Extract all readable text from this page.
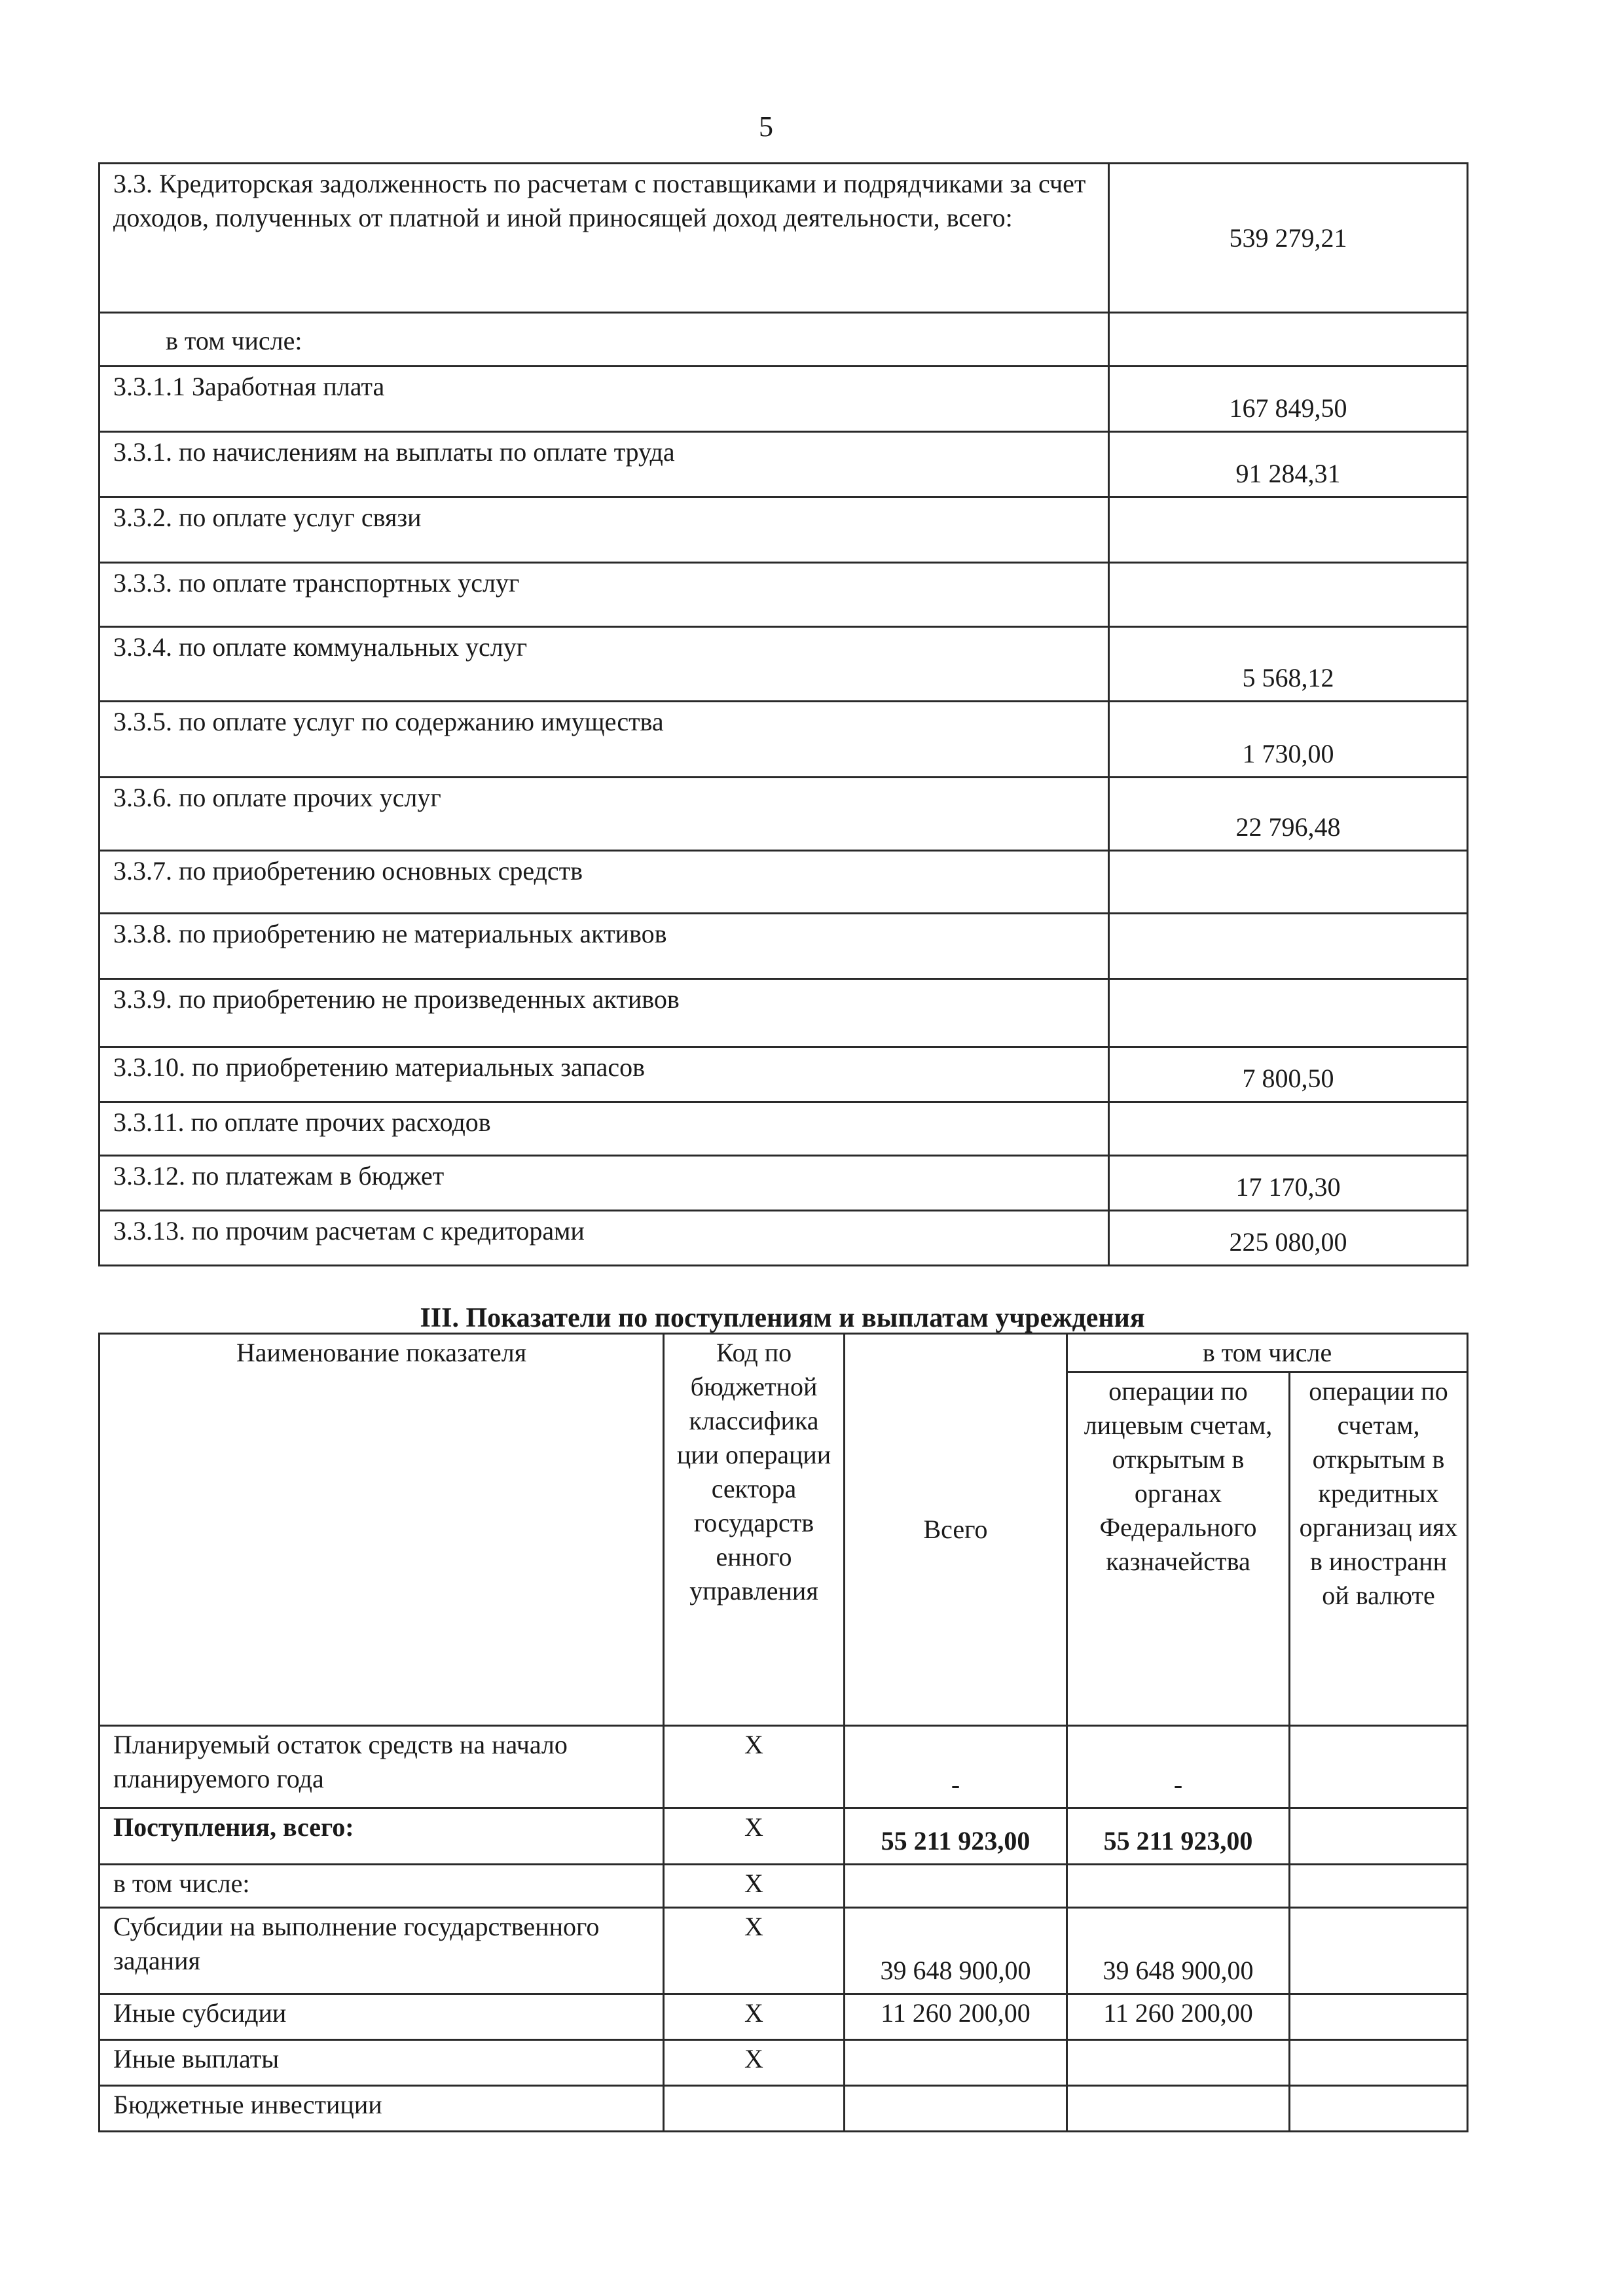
5
3.3. Кредиторская задолженность по расчетам с поставщиками и подрядчиками за счет доходов, полученных от платной и иной приносящей доход деятельности, всего:	539 279,21
в том числе:	
3.3.1.1 Заработная плата	167 849,50
3.3.1. по начислениям на выплаты по оплате труда	91 284,31
3.3.2. по оплате услуг связи	
3.3.3. по оплате транспортных услуг	
3.3.4. по оплате коммунальных услуг	5 568,12
3.3.5. по оплате услуг по содержанию имущества	1 730,00
3.3.6. по оплате прочих услуг	22 796,48
3.3.7. по приобретению основных средств	
3.3.8. по приобретению не материальных активов	
3.3.9. по приобретению не произведенных активов	
3.3.10. по приобретению материальных запасов	7 800,50
3.3.11. по оплате прочих расходов	
3.3.12. по платежам в бюджет	17 170,30
3.3.13. по прочим расчетам с кредиторами	225 080,00
III. Показатели по поступлениям и выплатам учреждения
Наименование показателя	Код по бюджетной классифика ции операции сектора государств енного управления	Всего	в том числе	
			операции по лицевым счетам, открытым в органах Федерального казначейства	операции по счетам, открытым в кредитных организац иях в иностранн ой валюте
Планируемый остаток средств на начало планируемого года	Х	-	-	
Поступления, всего:	Х	55 211 923,00	55 211 923,00	
в том числе:	Х			
Субсидии на выполнение государственного задания	Х	39 648 900,00	39 648 900,00	
Иные субсидии	Х	11 260 200,00	11 260 200,00	
Иные выплаты	Х			
Бюджетные инвестиции				
